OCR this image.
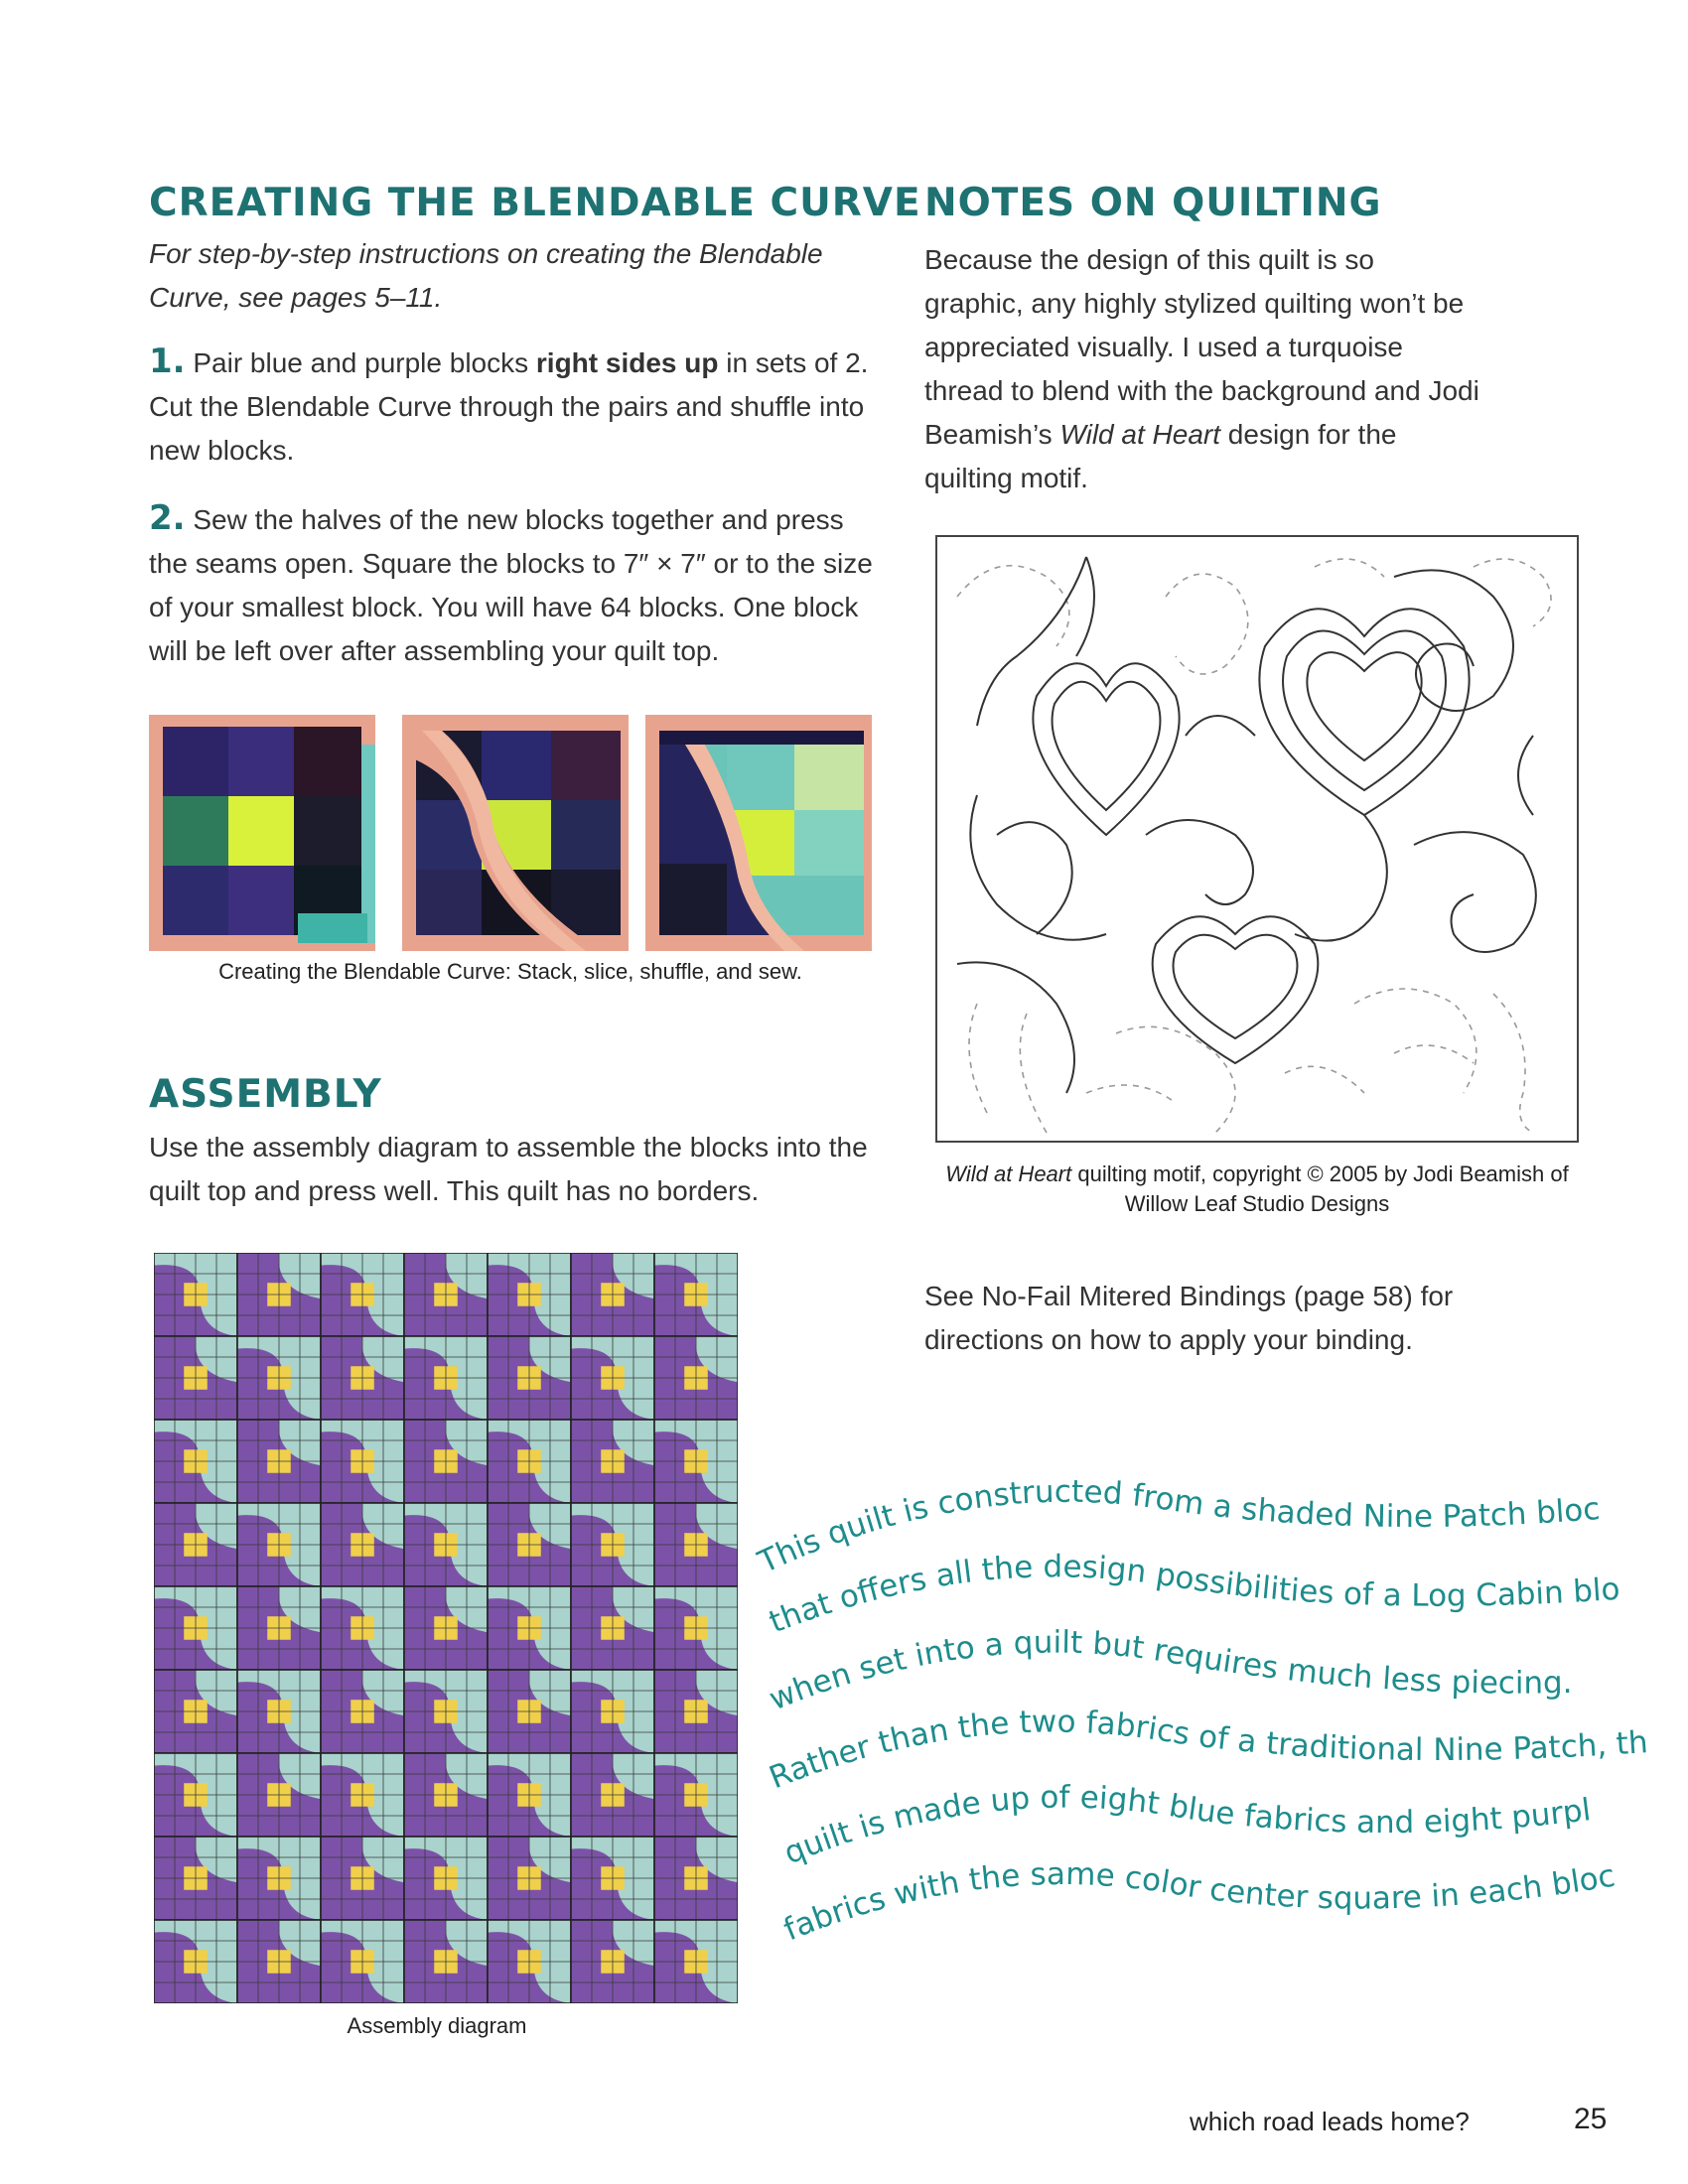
CREATING THE BLENDABLE CURVE

For step-by-step instructions on creating the Blendable Curve, see pages 5–11.

1. Pair blue and purple blocks right sides up in sets of 2. Cut the Blendable Curve through the pairs and shuffle into new blocks.

2. Sew the halves of the new blocks together and press the seams open. Square the blocks to 7″ × 7″ or to the size of your smallest block. You will have 64 blocks. One block will be left over after assembling your quilt top.

Creating the Blendable Curve: Stack, slice, shuffle, and sew.
ASSEMBLY

Use the assembly diagram to assemble the blocks into the quilt top and press well. This quilt has no borders.

Assembly diagram
NOTES ON QUILTING

Because the design of this quilt is so graphic, any highly stylized quilting won’t be appreciated visually. I used a turquoise thread to blend with the background and Jodi Beamish’s Wild at Heart design for the quilting motif.

Wild at Heart quilting motif, copyright © 2005 by Jodi Beamish of Willow Leaf Studio Designs

See No-Fail Mitered Bindings (page 58) for directions on how to apply your binding.

This quilt is constructed from a shaded Nine Patch bloc
that offers all the design possibilities of a Log Cabin blo
when set into a quilt but requires much less piecing.
Rather than the two fabrics of a traditional Nine Patch, th
quilt is made up of eight blue fabrics and eight purpl
fabrics with the same color center square in each bloc
which road leads home?	25
